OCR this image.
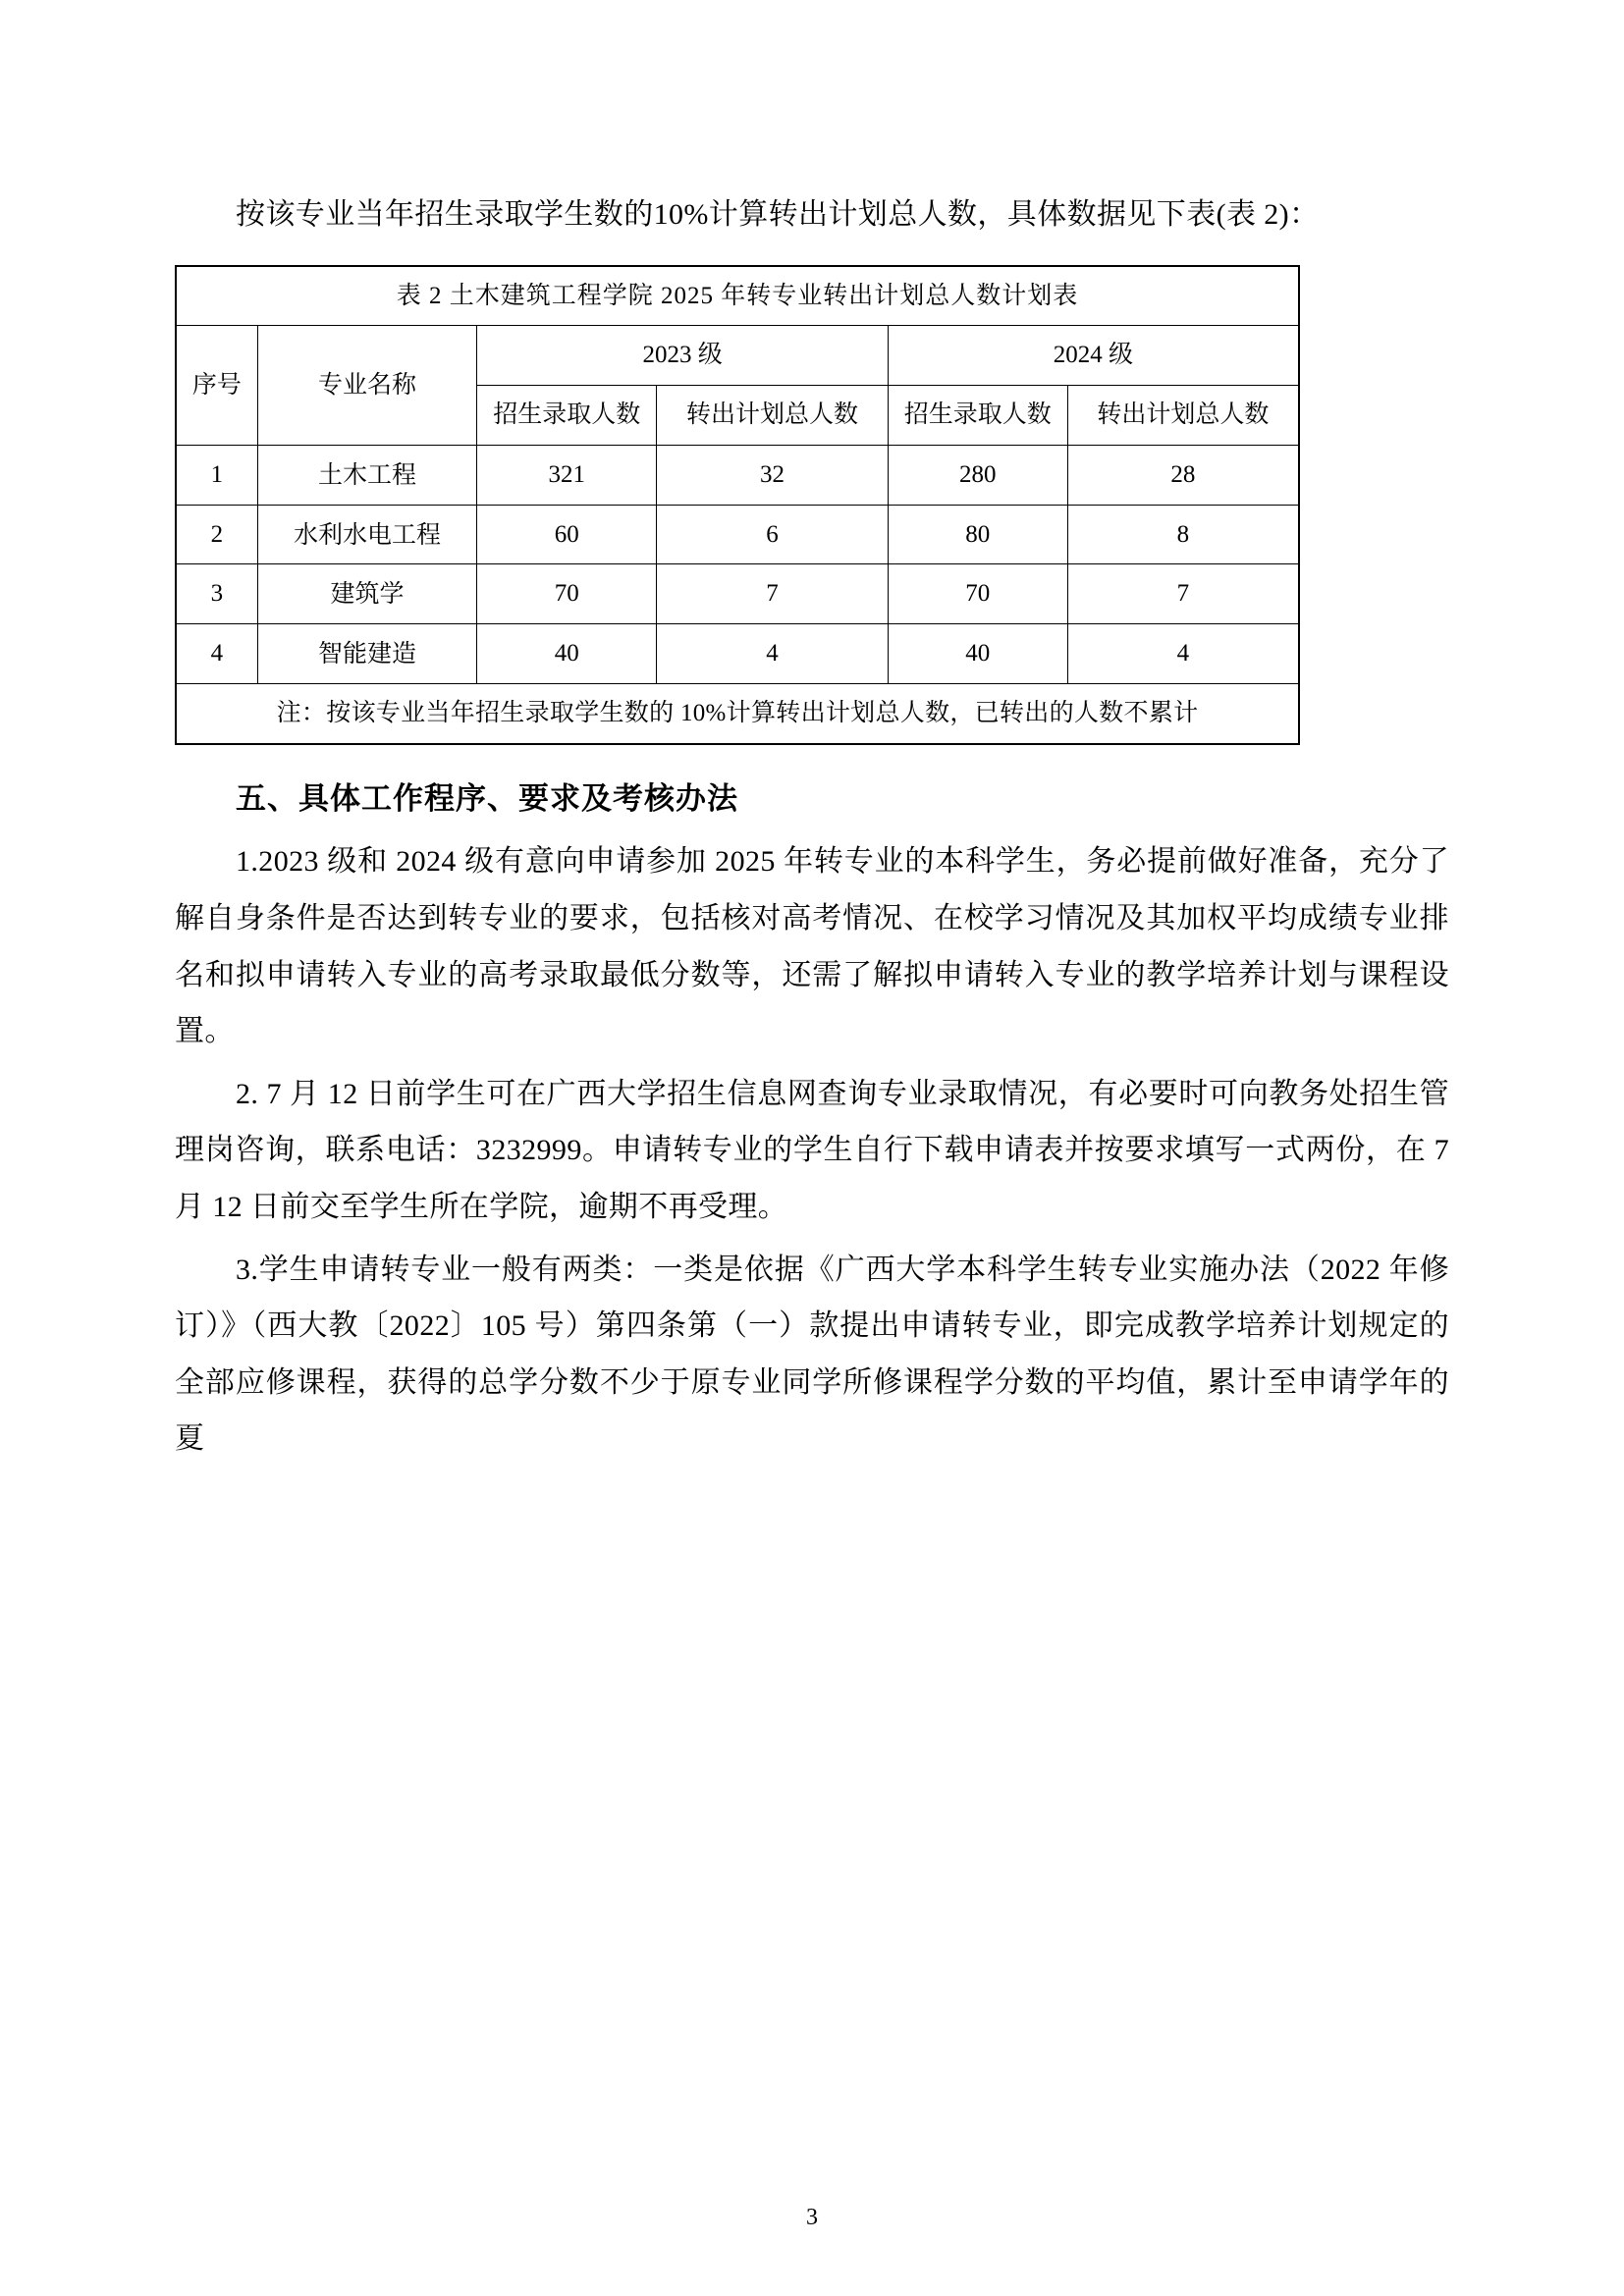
按该专业当年招生录取学生数的10%计算转出计划总人数，具体数据见下表(表 2)：

表 2 土木建筑工程学院 2025 年转专业转出计划总人数计划表					
序号	专业名称	2023 级		2024 级	
		招生录取人数	转出计划总人数	招生录取人数	转出计划总人数
1	土木工程	321	32	280	28
2	水利水电工程	60	6	80	8
3	建筑学	70	7	70	7
4	智能建造	40	4	40	4
注：按该专业当年招生录取学生数的 10%计算转出计划总人数，已转出的人数不累计					
五、具体工作程序、要求及考核办法

1.2023 级和 2024 级有意向申请参加 2025 年转专业的本科学生，务必提前做好准备，充分了解自身条件是否达到转专业的要求，包括核对高考情况、在校学习情况及其加权平均成绩专业排名和拟申请转入专业的高考录取最低分数等，还需了解拟申请转入专业的教学培养计划与课程设置。

2. 7 月 12 日前学生可在广西大学招生信息网查询专业录取情况，有必要时可向教务处招生管理岗咨询，联系电话：3232999。申请转专业的学生自行下载申请表并按要求填写一式两份，在 7 月 12 日前交至学生所在学院，逾期不再受理。

3.学生申请转专业一般有两类：一类是依据《广西大学本科学生转专业实施办法（2022 年修订）》（西大教〔2022〕105 号）第四条第（一）款提出申请转专业，即完成教学培养计划规定的全部应修课程，获得的总学分数不少于原专业同学所修课程学分数的平均值，累计至申请学年的夏

3
